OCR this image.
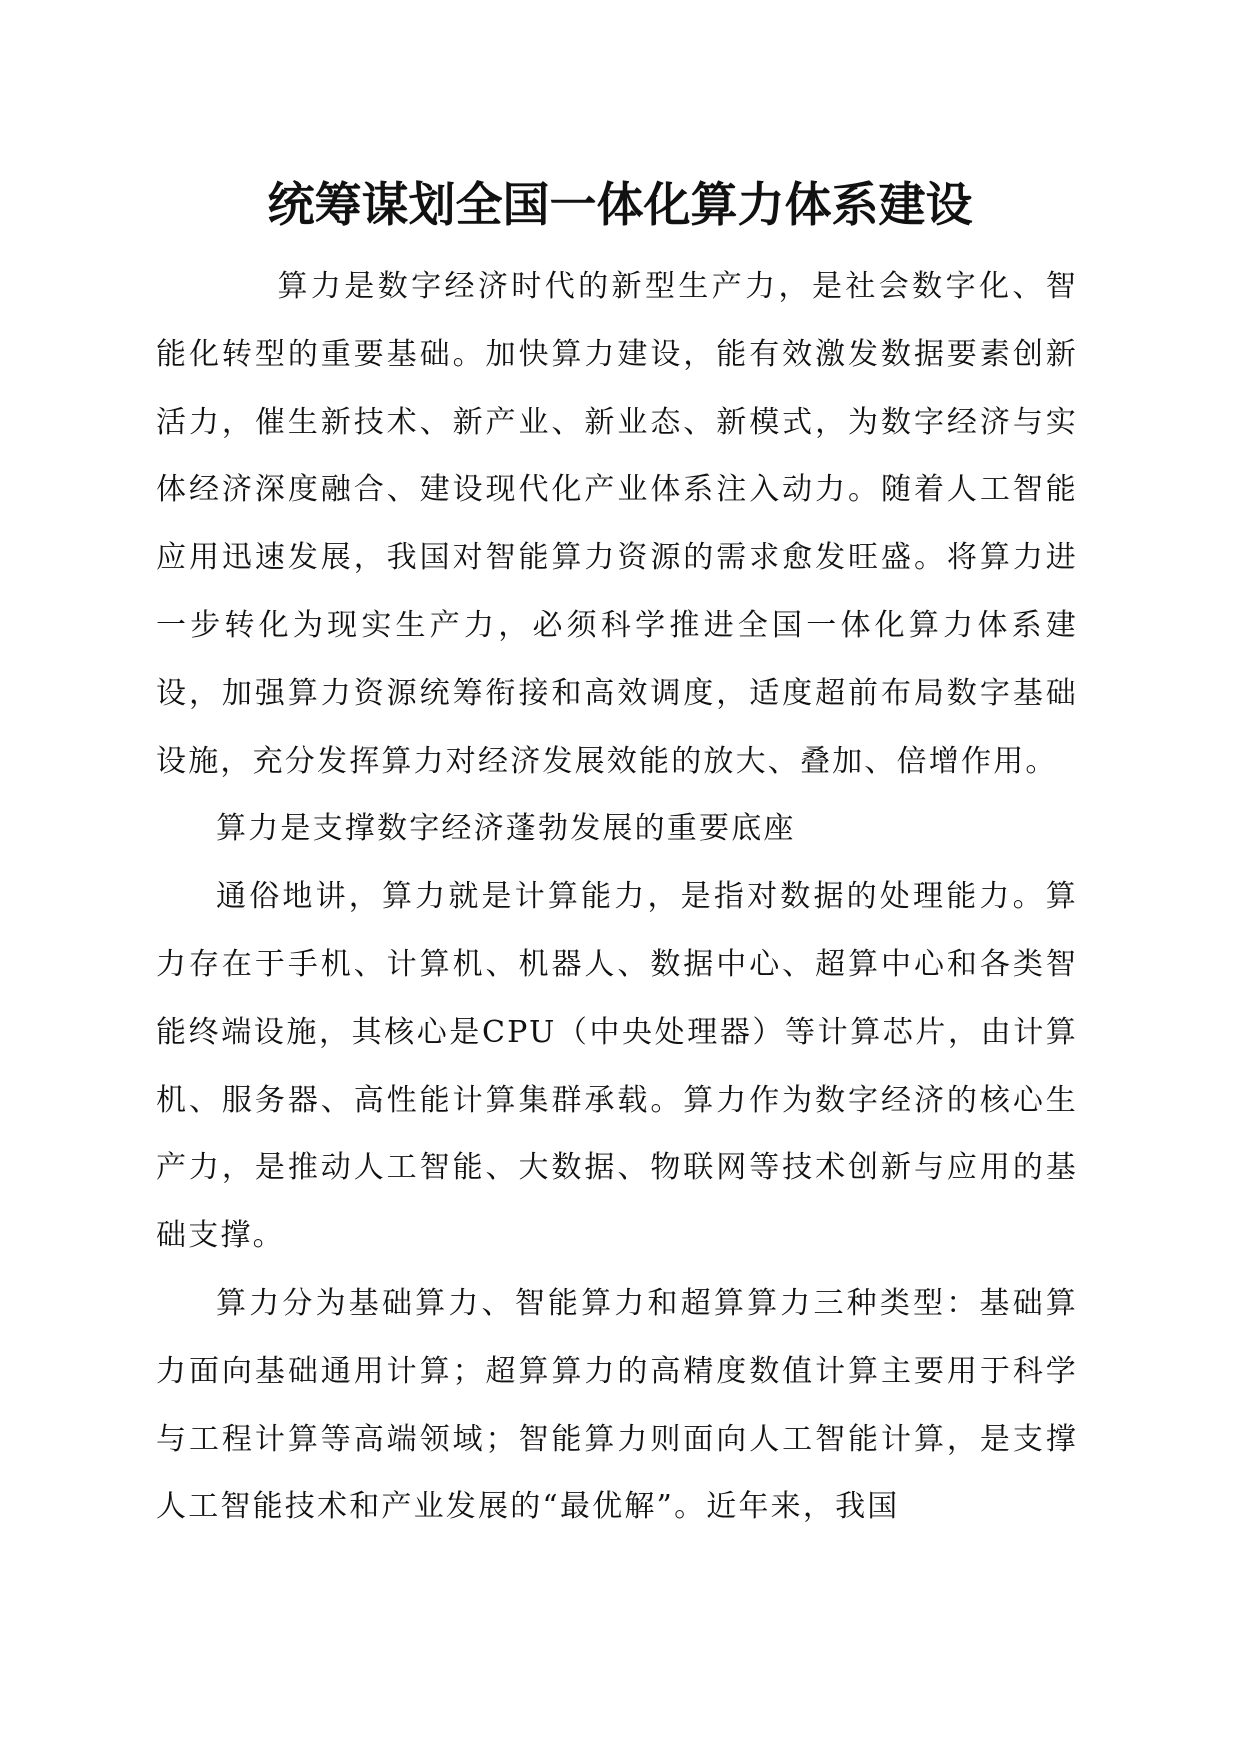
统筹谋划全国一体化算力体系建设

算力是数字经济时代的新型生产力，是社会数字化、智能化转型的重要基础。加快算力建设，能有效激发数据要素创新活力，催生新技术、新产业、新业态、新模式，为数字经济与实体经济深度融合、建设现代化产业体系注入动力。随着人工智能应用迅速发展，我国对智能算力资源的需求愈发旺盛。将算力进一步转化为现实生产力，必须科学推进全国一体化算力体系建设，加强算力资源统筹衔接和高效调度，适度超前布局数字基础设施，充分发挥算力对经济发展效能的放大、叠加、倍增作用。

算力是支撑数字经济蓬勃发展的重要底座

通俗地讲，算力就是计算能力，是指对数据的处理能力。算力存在于手机、计算机、机器人、数据中心、超算中心和各类智能终端设施，其核心是CPU（中央处理器）等计算芯片，由计算机、服务器、高性能计算集群承载。算力作为数字经济的核心生产力，是推动人工智能、大数据、物联网等技术创新与应用的基础支撑。

算力分为基础算力、智能算力和超算算力三种类型：基础算力面向基础通用计算；超算算力的高精度数值计算主要用于科学与工程计算等高端领域；智能算力则面向人工智能计算，是支撑人工智能技术和产业发展的“最优解”。近年来，我国
